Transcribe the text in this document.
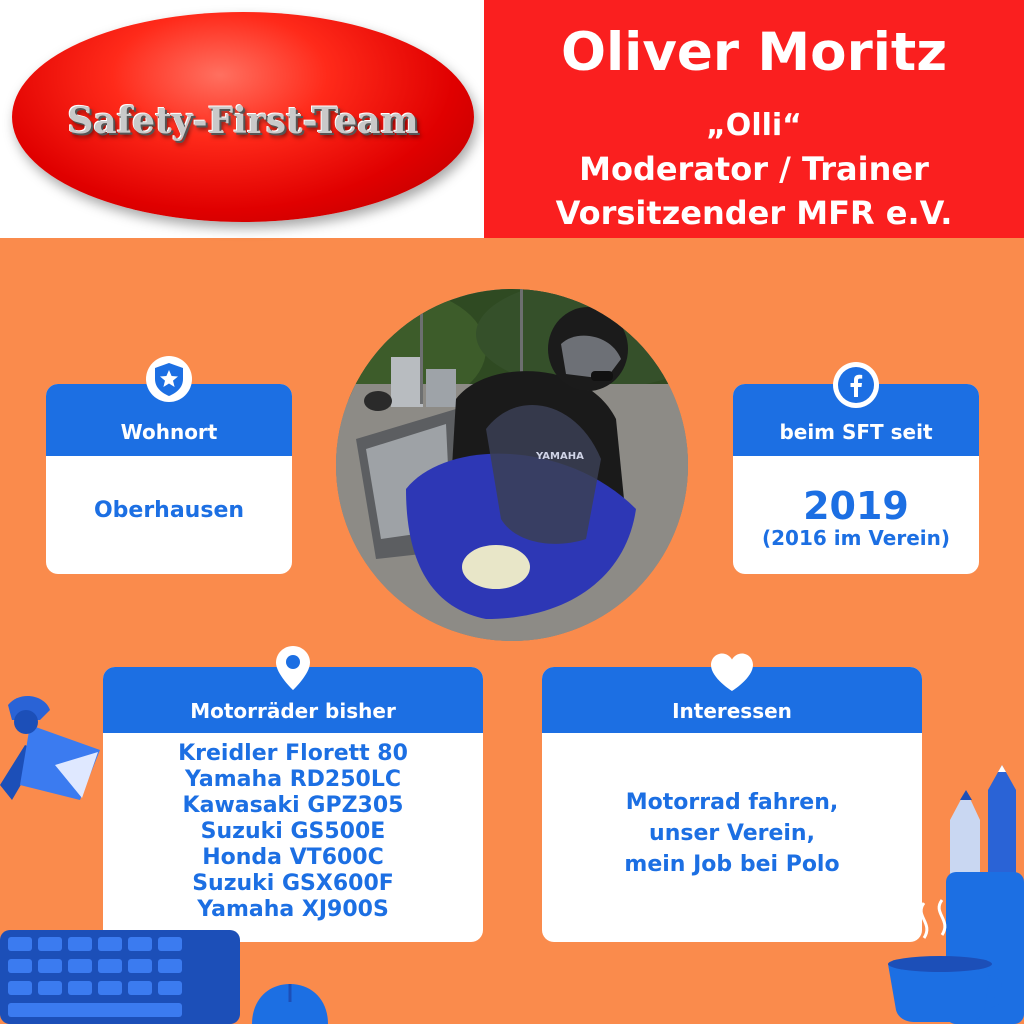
Safety-First-Team
Oliver Moritz
„Olli“
Moderator / Trainer
Vorsitzender MFR e.V.
YAMAHA
Wohnort
Oberhausen
beim SFT seit
2019
(2016 im Verein)
Motorräder bisher
Kreidler Florett 80
Yamaha RD250LC
Kawasaki GPZ305
Suzuki GS500E
Honda VT600C
Suzuki GSX600F
Yamaha XJ900S
Interessen
Motorrad fahren,
unser Verein,
mein Job bei Polo
